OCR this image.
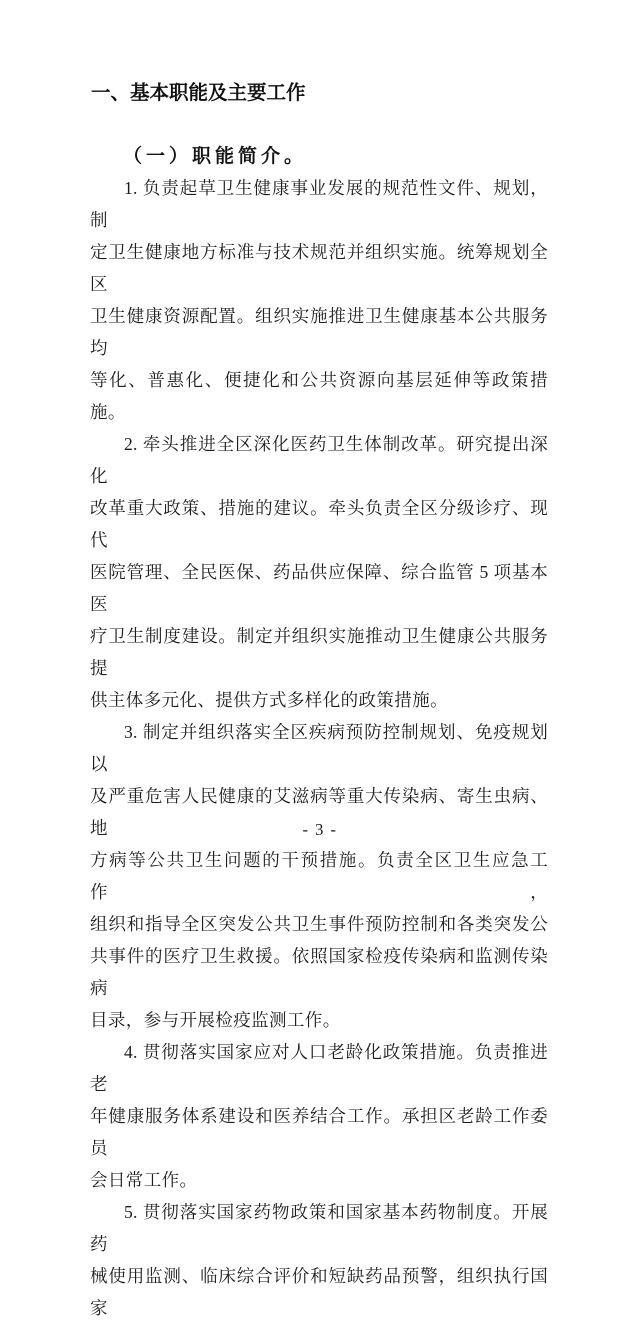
一、基本职能及主要工作
（一）职能简介。
1. 负责起草卫生健康事业发展的规范性文件、规划，制
定卫生健康地方标准与技术规范并组织实施。统筹规划全区
卫生健康资源配置。组织实施推进卫生健康基本公共服务均
等化、普惠化、便捷化和公共资源向基层延伸等政策措施。
2. 牵头推进全区深化医药卫生体制改革。研究提出深化
改革重大政策、措施的建议。牵头负责全区分级诊疗、现代
医院管理、全民医保、药品供应保障、综合监管 5 项基本医
疗卫生制度建设。制定并组织实施推动卫生健康公共服务提
供主体多元化、提供方式多样化的政策措施。
3. 制定并组织落实全区疾病预防控制规划、免疫规划以
及严重危害人民健康的艾滋病等重大传染病、寄生虫病、地
方病等公共卫生问题的干预措施。负责全区卫生应急工作，
组织和指导全区突发公共卫生事件预防控制和各类突发公
共事件的医疗卫生救援。依照国家检疫传染病和监测传染病
目录，参与开展检疫监测工作。
4. 贯彻落实国家应对人口老龄化政策措施。负责推进老
年健康服务体系建设和医养结合工作。承担区老龄工作委员
会日常工作。
5. 贯彻落实国家药物政策和国家基本药物制度。开展药
械使用监测、临床综合评价和短缺药品预警，组织执行国家
- 3 -
